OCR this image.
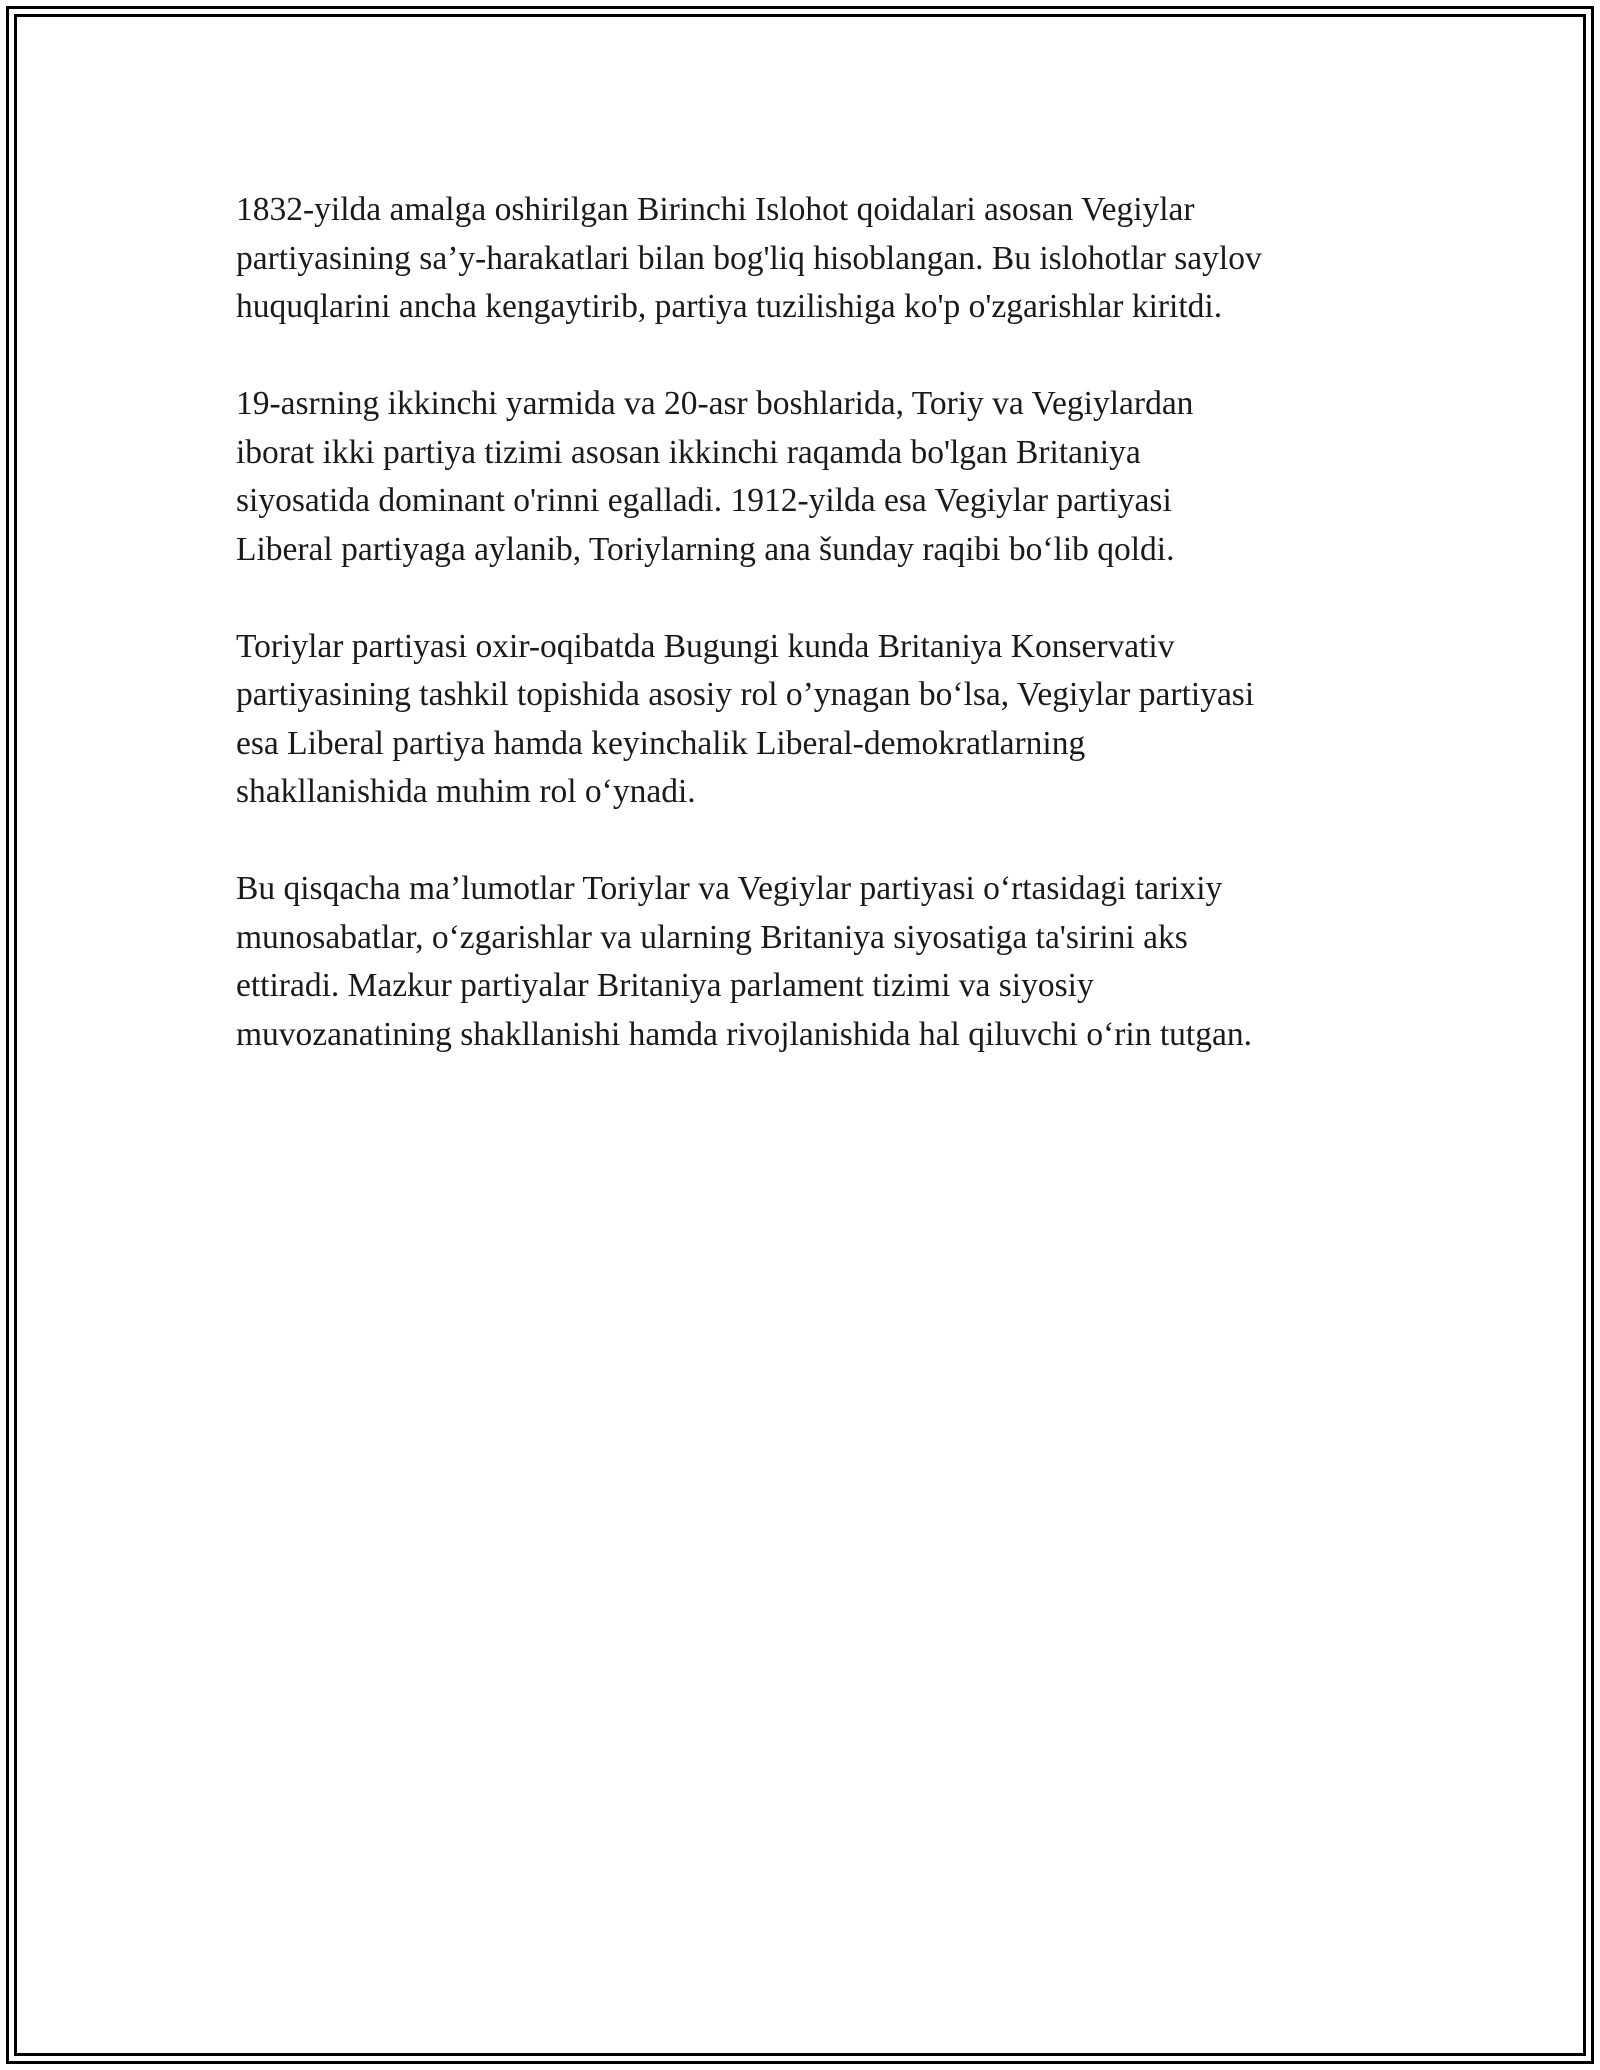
1832-yilda amalga oshirilgan Birinchi Islohot qoidalari asosan Vegiylar
partiyasining sa’y-harakatlari bilan bog'liq hisoblangan. Bu islohotlar saylov
huquqlarini ancha kengaytirib, partiya tuzilishiga ko'p o'zgarishlar kiritdi.

19-asrning ikkinchi yarmida va 20-asr boshlarida, Toriy va Vegiylardan
iborat ikki partiya tizimi asosan ikkinchi raqamda bo'lgan Britaniya
siyosatida dominant o'rinni egalladi. 1912-yilda esa Vegiylar partiyasi
Liberal partiyaga aylanib, Toriylarning ana šunday raqibi bo‘lib qoldi.

Toriylar partiyasi oxir-oqibatda Bugungi kunda Britaniya Konservativ
partiyasining tashkil topishida asosiy rol o’ynagan bo‘lsa, Vegiylar partiyasi
esa Liberal partiya hamda keyinchalik Liberal-demokratlarning
shakllanishida muhim rol o‘ynadi.

Bu qisqacha ma’lumotlar Toriylar va Vegiylar partiyasi o‘rtasidagi tarixiy
munosabatlar, o‘zgarishlar va ularning Britaniya siyosatiga ta'sirini aks
ettiradi. Mazkur partiyalar Britaniya parlament tizimi va siyosiy
muvozanatining shakllanishi hamda rivojlanishida hal qiluvchi o‘rin tutgan.
